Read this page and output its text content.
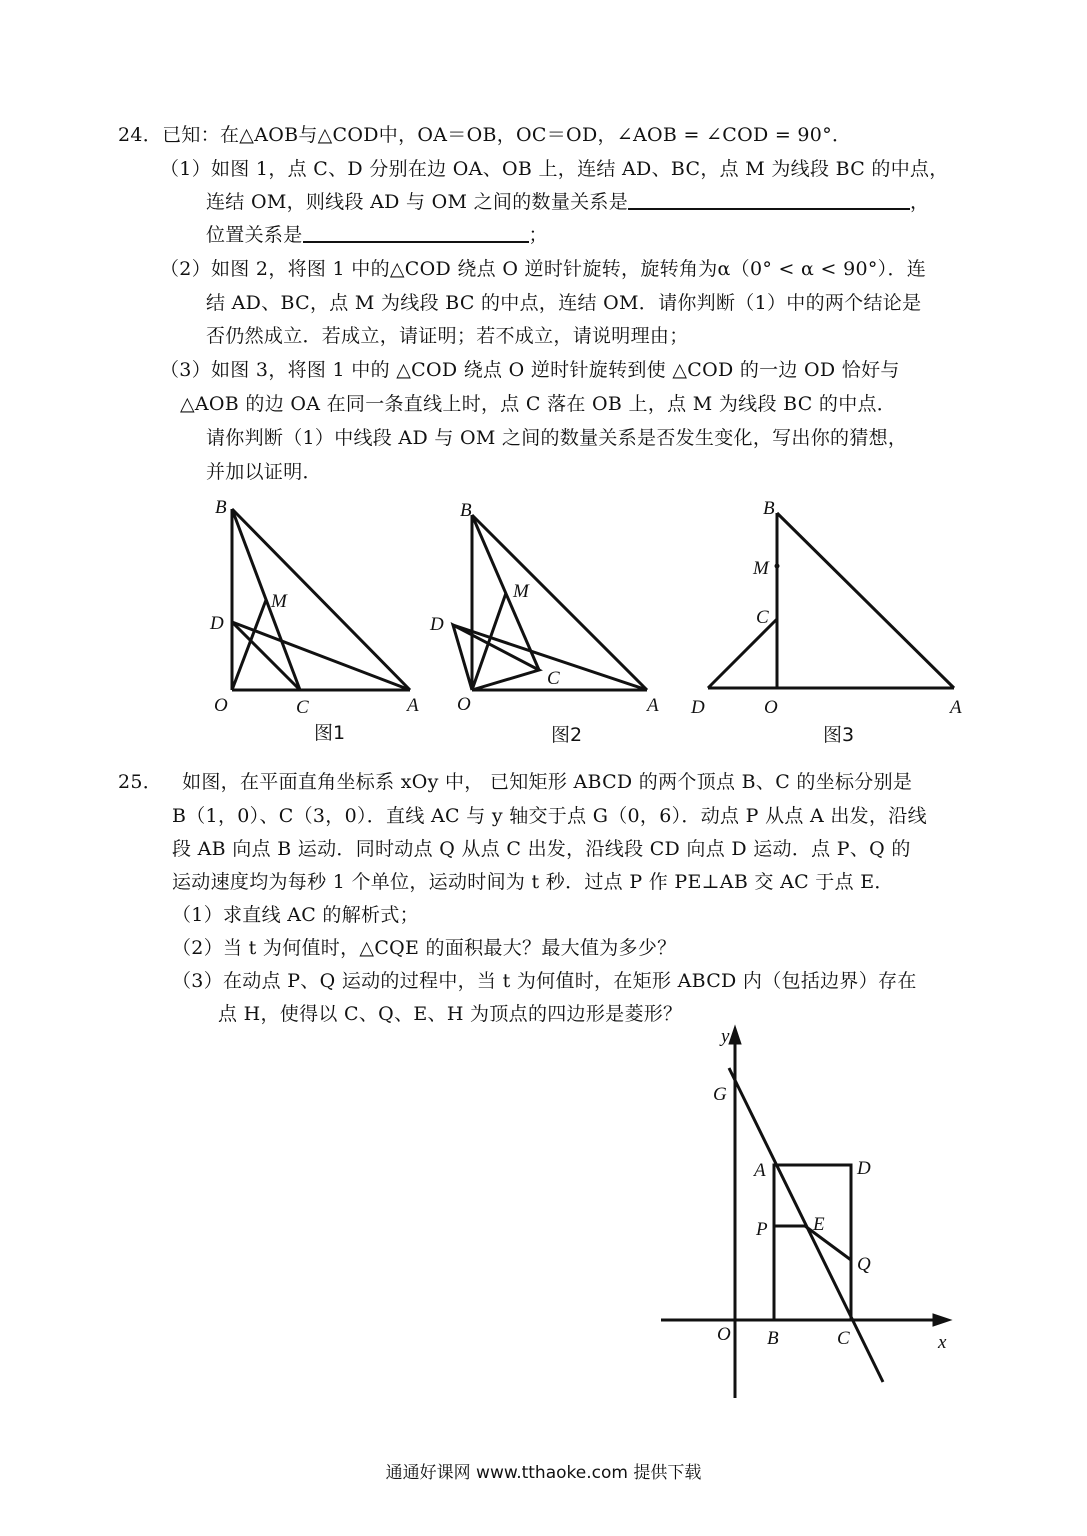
24．已知：在△AOB与△COD中，OA＝OB，OC＝OD，∠AOB = ∠COD = 90°．
（1）如图 1，点 C、D 分别在边 OA、OB 上，连结 AD、BC，点 M 为线段 BC 的中点，
连结 OM，则线段 AD 与 OM 之间的数量关系是	，
位置关系是	；
（2）如图 2，将图 1 中的△COD 绕点 O 逆时针旋转，旋转角为α（0° < α < 90°）．连
结 AD、BC，点 M 为线段 BC 的中点，连结 OM．请你判断（1）中的两个结论是
否仍然成立．若成立，请证明；若不成立，请说明理由；
（3）如图 3，将图 1 中的 △COD 绕点 O 逆时针旋转到使 △COD 的一边 OD 恰好与
△AOB 的边 OA 在同一条直线上时，点 C 落在 OB 上，点 M 为线段 BC 的中点．
请你判断（1）中线段 AD 与 OM 之间的数量关系是否发生变化，写出你的猜想，
并加以证明．
B
D
M
O	C	A
图1
B
D
M
C
O	A
图2
B
M
C
D	O	A
图3
25． 如图，在平面直角坐标系 xOy 中， 已知矩形 ABCD 的两个顶点 B、C 的坐标分别是
B（1，0）、C（3，0）．直线 AC 与 y 轴交于点 G（0，6）．动点 P 从点 A 出发，沿线
段 AB 向点 B 运动．同时动点 Q 从点 C 出发，沿线段 CD 向点 D 运动．点 P、Q 的
运动速度均为每秒 1 个单位，运动时间为 t 秒．过点 P 作 PE⊥AB 交 AC 于点 E．
（1）求直线 AC 的解析式；
（2）当 t 为何值时，△CQE 的面积最大？最大值为多少？
（3）在动点 P、Q 运动的过程中，当 t 为何值时，在矩形 ABCD 内（包括边界）存在
点 H，使得以 C、Q、E、H 为顶点的四边形是菱形？
y
G
A	D
P E
Q
O B	C	x
通通好课网 www.tthaoke.com 提供下载
